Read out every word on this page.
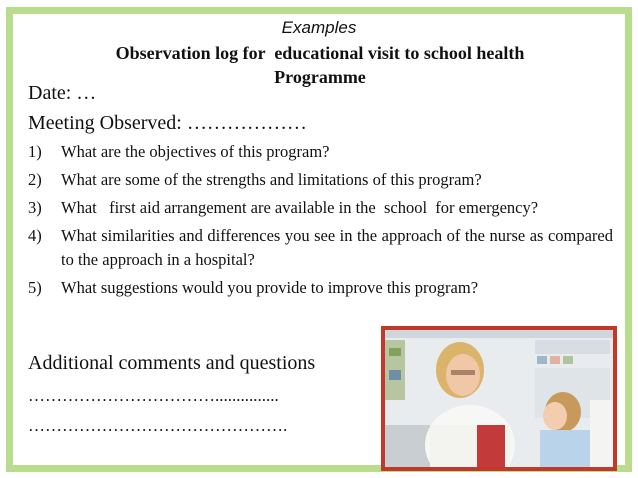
Examples
Observation log for  educational visit to school health
Programme
Date: …
Meeting Observed: ………………
1)	What are the objectives of this program?
2)	What are some of the strengths and limitations of this program?
3)	What   first aid arrangement are available in the  school  for emergency?
4)	What similarities and differences you see in the approach of the nurse as compared to the approach in a hospital?
5)	What suggestions would you provide to improve this program?
Additional comments and questions
……………………………...............
……………………………………….
